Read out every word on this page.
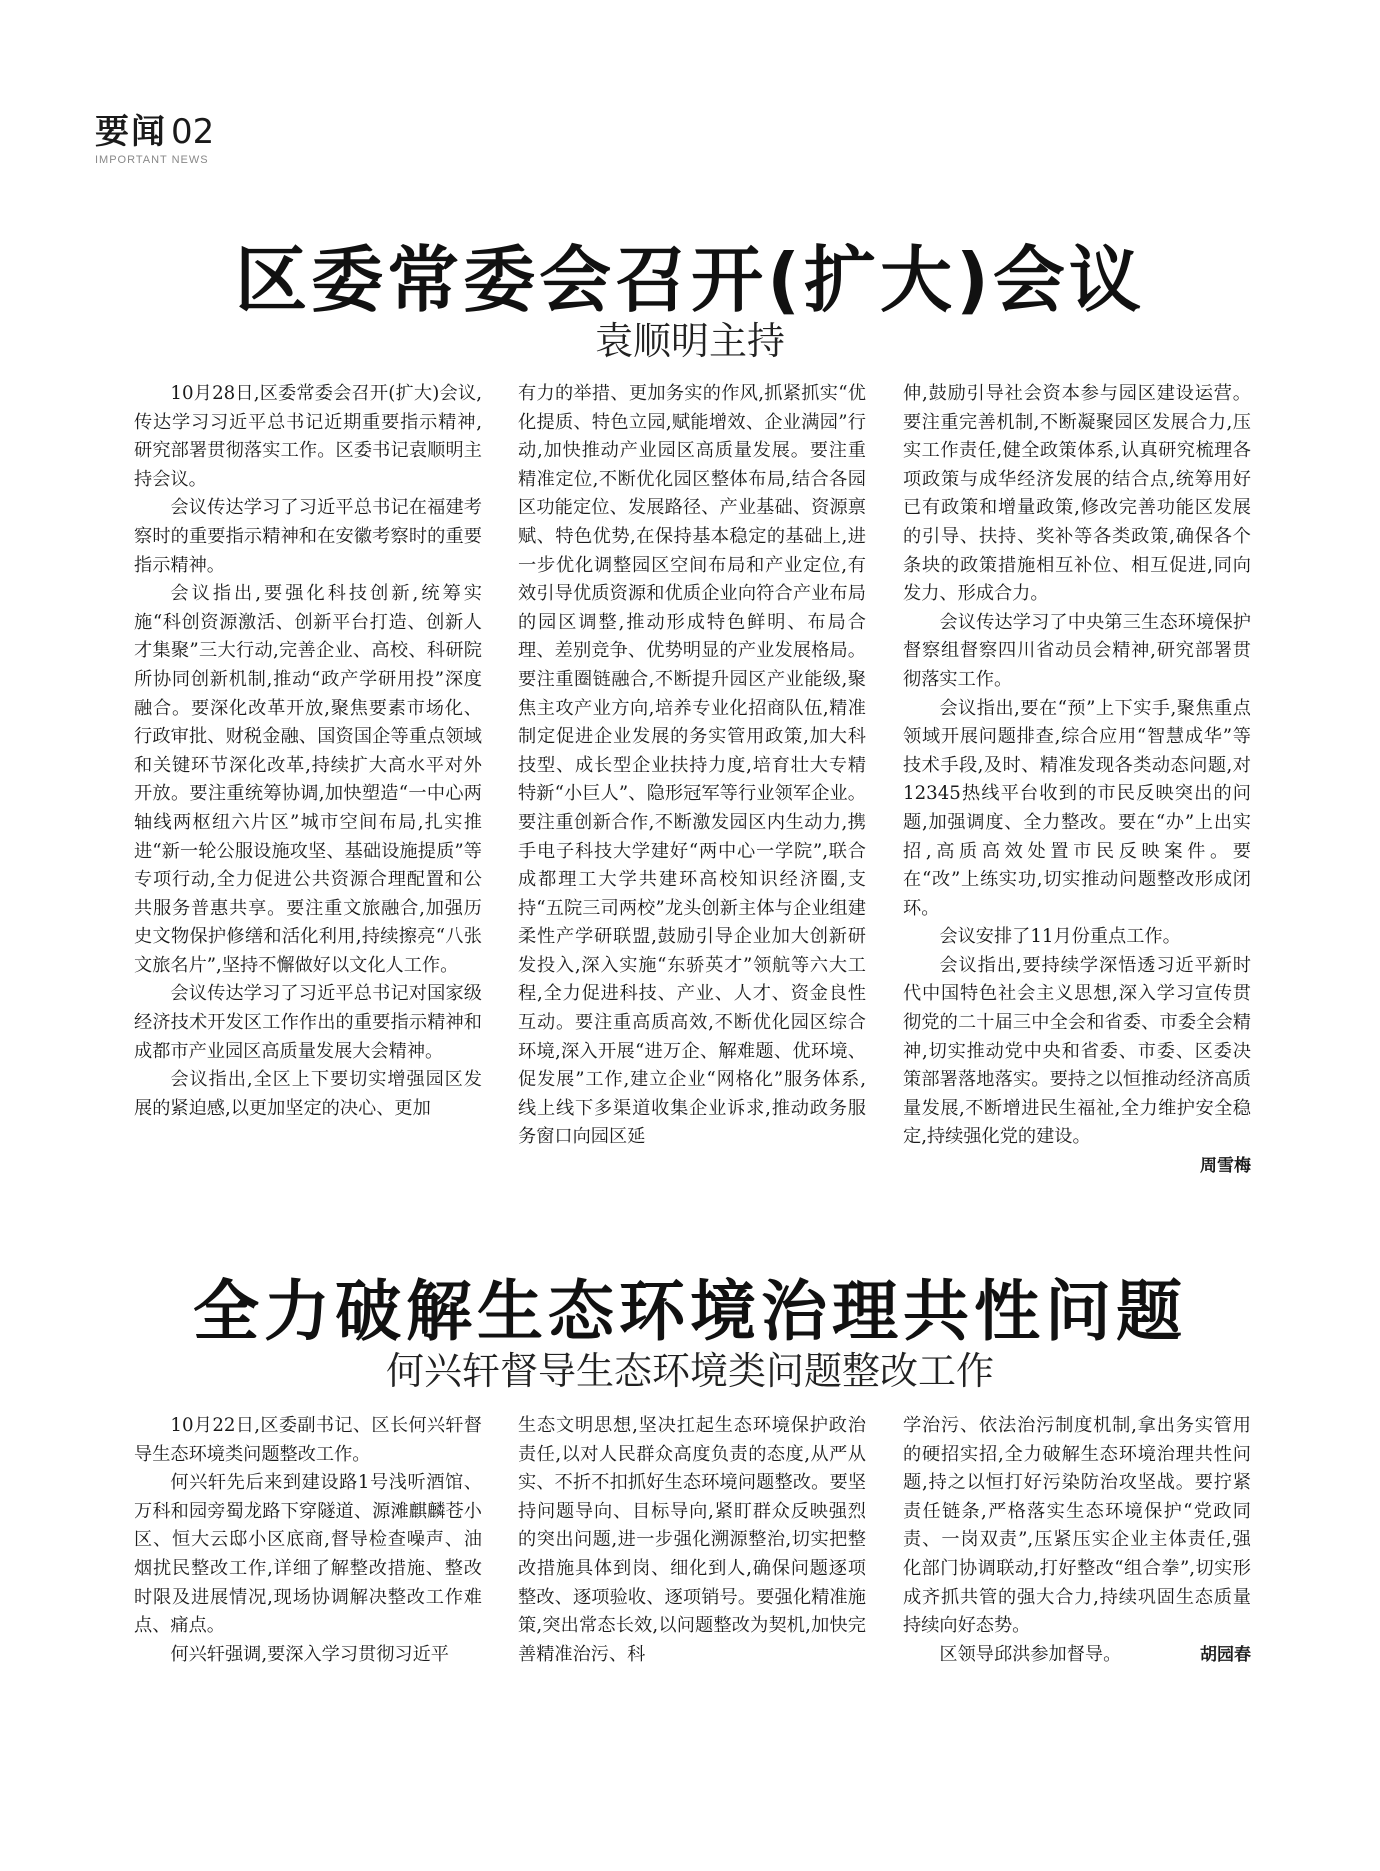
要闻 02
IMPORTANT NEWS
区委常委会召开(扩大)会议
袁顺明主持

10月28日,区委常委会召开(扩大)会议,传达学习习近平总书记近期重要指示精神,研究部署贯彻落实工作。区委书记袁顺明主持会议。

会议传达学习了习近平总书记在福建考察时的重要指示精神和在安徽考察时的重要指示精神。

会议指出,要强化科技创新,统筹实施“科创资源激活、创新平台打造、创新人才集聚”三大行动,完善企业、高校、科研院所协同创新机制,推动“政产学研用投”深度融合。要深化改革开放,聚焦要素市场化、行政审批、财税金融、国资国企等重点领域和关键环节深化改革,持续扩大高水平对外开放。要注重统筹协调,加快塑造“一中心两轴线两枢纽六片区”城市空间布局,扎实推进“新一轮公服设施攻坚、基础设施提质”等专项行动,全力促进公共资源合理配置和公共服务普惠共享。要注重文旅融合,加强历史文物保护修缮和活化利用,持续擦亮“八张文旅名片”,坚持不懈做好以文化人工作。

会议传达学习了习近平总书记对国家级经济技术开发区工作作出的重要指示精神和成都市产业园区高质量发展大会精神。

会议指出,全区上下要切实增强园区发展的紧迫感,以更加坚定的决心、更加

有力的举措、更加务实的作风,抓紧抓实“优化提质、特色立园,赋能增效、企业满园”行动,加快推动产业园区高质量发展。要注重精准定位,不断优化园区整体布局,结合各园区功能定位、发展路径、产业基础、资源禀赋、特色优势,在保持基本稳定的基础上,进一步优化调整园区空间布局和产业定位,有效引导优质资源和优质企业向符合产业布局的园区调整,推动形成特色鲜明、布局合理、差别竞争、优势明显的产业发展格局。要注重圈链融合,不断提升园区产业能级,聚焦主攻产业方向,培养专业化招商队伍,精准制定促进企业发展的务实管用政策,加大科技型、成长型企业扶持力度,培育壮大专精特新“小巨人”、隐形冠军等行业领军企业。要注重创新合作,不断激发园区内生动力,携手电子科技大学建好“两中心一学院”,联合成都理工大学共建环高校知识经济圈,支持“五院三司两校”龙头创新主体与企业组建柔性产学研联盟,鼓励引导企业加大创新研发投入,深入实施“东骄英才”领航等六大工程,全力促进科技、产业、人才、资金良性互动。要注重高质高效,不断优化园区综合环境,深入开展“进万企、解难题、优环境、促发展”工作,建立企业“网格化”服务体系,线上线下多渠道收集企业诉求,推动政务服务窗口向园区延

伸,鼓励引导社会资本参与园区建设运营。要注重完善机制,不断凝聚园区发展合力,压实工作责任,健全政策体系,认真研究梳理各项政策与成华经济发展的结合点,统筹用好已有政策和增量政策,修改完善功能区发展的引导、扶持、奖补等各类政策,确保各个条块的政策措施相互补位、相互促进,同向发力、形成合力。

会议传达学习了中央第三生态环境保护督察组督察四川省动员会精神,研究部署贯彻落实工作。

会议指出,要在“预”上下实手,聚焦重点领域开展问题排查,综合应用“智慧成华”等技术手段,及时、精准发现各类动态问题,对12345热线平台收到的市民反映突出的问题,加强调度、全力整改。要在“办”上出实招,高质高效处置市民反映案件。要在“改”上练实功,切实推动问题整改形成闭环。

会议安排了11月份重点工作。

会议指出,要持续学深悟透习近平新时代中国特色社会主义思想,深入学习宣传贯彻党的二十届三中全会和省委、市委全会精神,切实推动党中央和省委、市委、区委决策部署落地落实。要持之以恒推动经济高质量发展,不断增进民生福祉,全力维护安全稳定,持续强化党的建设。

周雪梅
全力破解生态环境治理共性问题
何兴轩督导生态环境类问题整改工作

10月22日,区委副书记、区长何兴轩督导生态环境类问题整改工作。

何兴轩先后来到建设路1号浅听酒馆、万科和园旁蜀龙路下穿隧道、源滩麒麟苍小区、恒大云邸小区底商,督导检查噪声、油烟扰民整改工作,详细了解整改措施、整改时限及进展情况,现场协调解决整改工作难点、痛点。

何兴轩强调,要深入学习贯彻习近平

生态文明思想,坚决扛起生态环境保护政治责任,以对人民群众高度负责的态度,从严从实、不折不扣抓好生态环境问题整改。要坚持问题导向、目标导向,紧盯群众反映强烈的突出问题,进一步强化溯源整治,切实把整改措施具体到岗、细化到人,确保问题逐项整改、逐项验收、逐项销号。要强化精准施策,突出常态长效,以问题整改为契机,加快完善精准治污、科

学治污、依法治污制度机制,拿出务实管用的硬招实招,全力破解生态环境治理共性问题,持之以恒打好污染防治攻坚战。要拧紧责任链条,严格落实生态环境保护“党政同责、一岗双责”,压紧压实企业主体责任,强化部门协调联动,打好整改“组合拳”,切实形成齐抓共管的强大合力,持续巩固生态质量持续向好态势。

胡园春
区领导邱洪参加督导。
